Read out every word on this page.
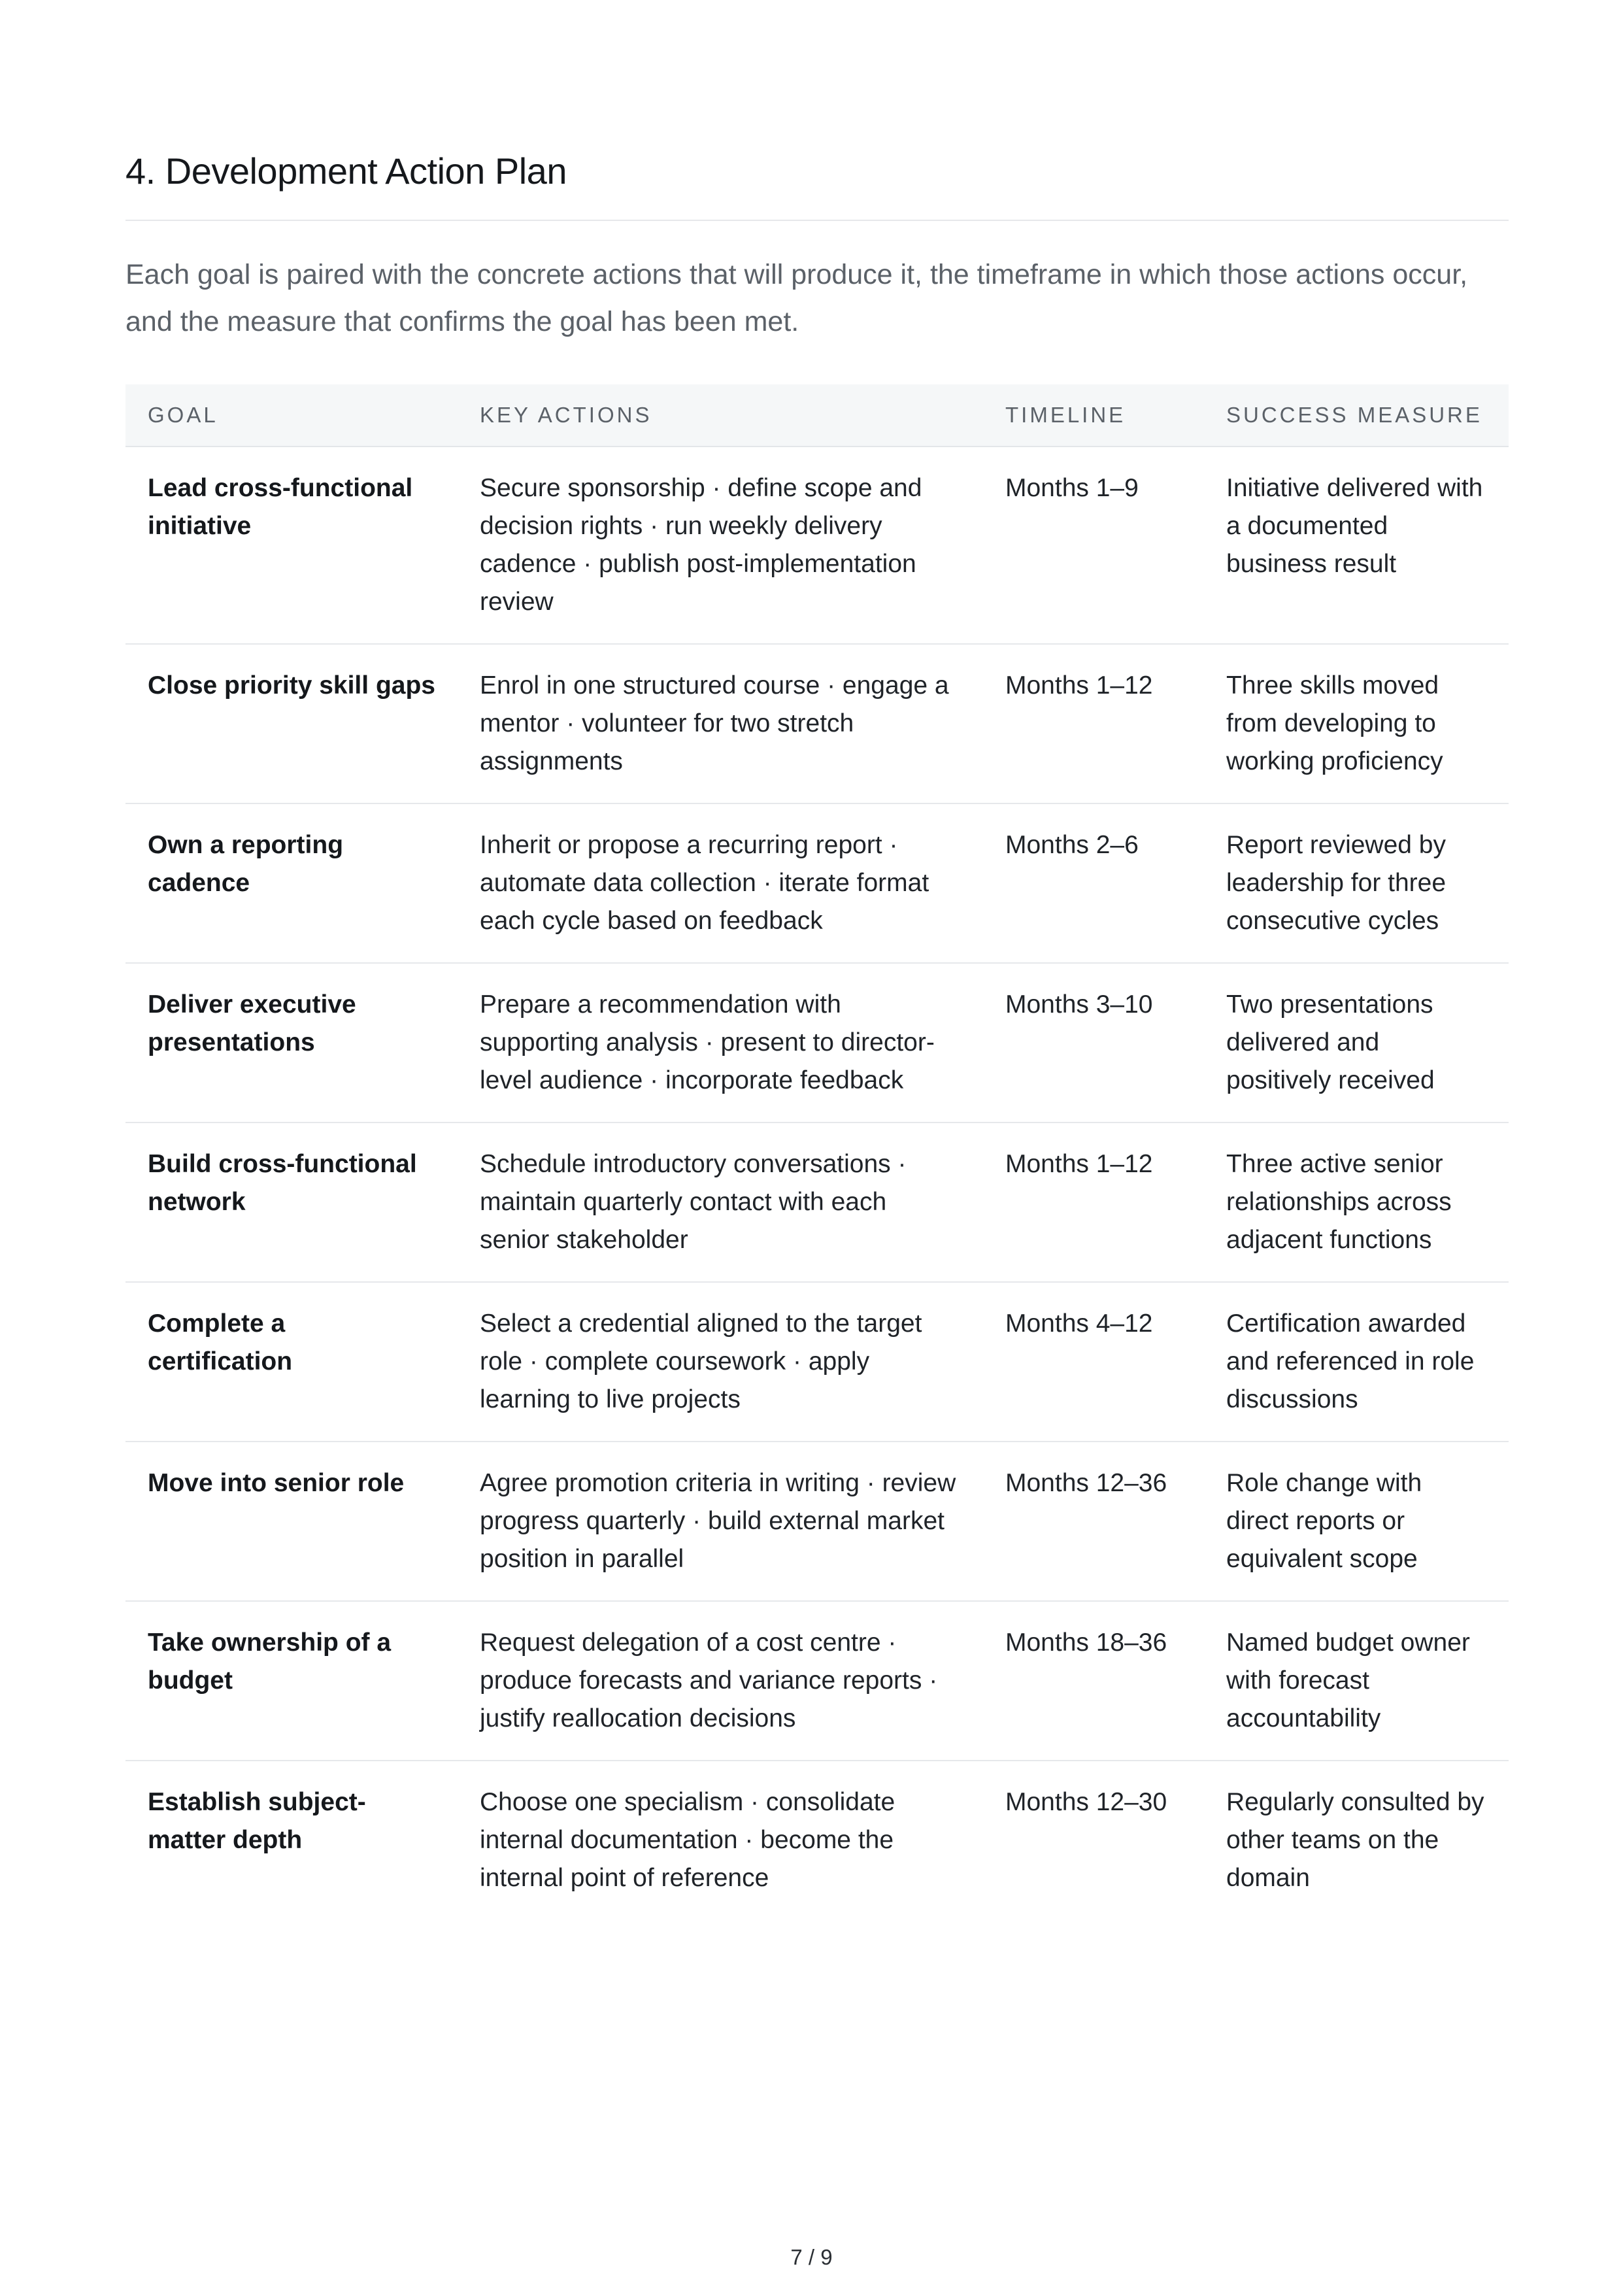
4. Development Action Plan

Each goal is paired with the concrete actions that will produce it, the timeframe in which those actions occur, and the measure that confirms the goal has been met.

GOAL	KEY ACTIONS	TIMELINE	SUCCESS MEASURE
Lead cross-functional initiative	Secure sponsorship · define scope and decision rights · run weekly delivery cadence · publish post-implementation review	Months 1–9	Initiative delivered with a documented business result
Close priority skill gaps	Enrol in one structured course · engage a mentor · volunteer for two stretch assignments	Months 1–12	Three skills moved from developing to working proficiency
Own a reporting cadence	Inherit or propose a recurring report · automate data collection · iterate format each cycle based on feedback	Months 2–6	Report reviewed by leadership for three consecutive cycles
Deliver executive presentations	Prepare a recommendation with supporting analysis · present to director-level audience · incorporate feedback	Months 3–10	Two presentations delivered and positively received
Build cross-functional network	Schedule introductory conversations · maintain quarterly contact with each senior stakeholder	Months 1–12	Three active senior relationships across adjacent functions
Complete a certification	Select a credential aligned to the target role · complete coursework · apply learning to live projects	Months 4–12	Certification awarded and referenced in role discussions
Move into senior role	Agree promotion criteria in writing · review progress quarterly · build external market position in parallel	Months 12–36	Role change with direct reports or equivalent scope
Take ownership of a budget	Request delegation of a cost centre · produce forecasts and variance reports · justify reallocation decisions	Months 18–36	Named budget owner with forecast accountability
Establish subject-matter depth	Choose one specialism · consolidate internal documentation · become the internal point of reference	Months 12–30	Regularly consulted by other teams on the domain
7 / 9
